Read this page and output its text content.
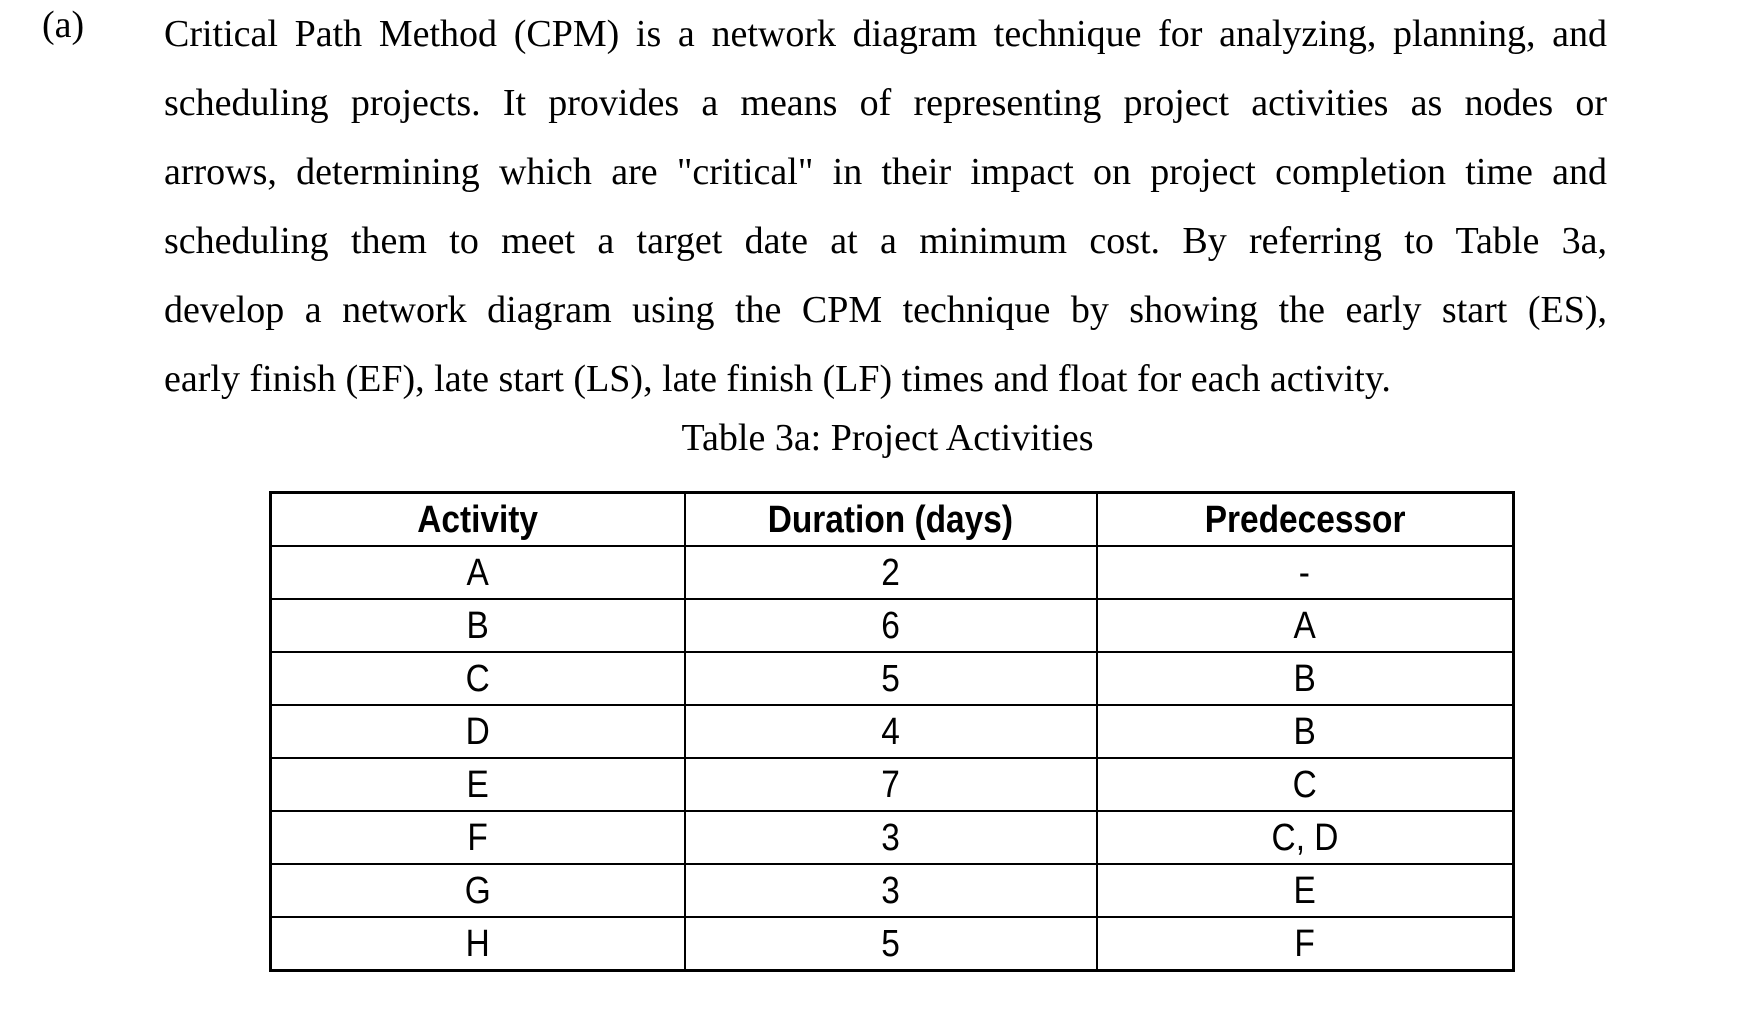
(a) Critical Path Method (CPM) is a network diagram technique for analyzing, planning, and
scheduling projects. It provides a means of representing project activities as nodes or
arrows, determining which are "critical" in their impact on project completion time and
scheduling them to meet a target date at a minimum cost. By referring to Table 3a,
develop a network diagram using the CPM technique by showing the early start (ES),
early finish (EF), late start (LS), late finish (LF) times and float for each activity.
Table 3a: Project Activities
Activity	Duration (days)	Predecessor
A	2	-
B	6	A
C	5	B
D	4	B
E	7	C
F	3	C, D
G	3	E
H	5	F
